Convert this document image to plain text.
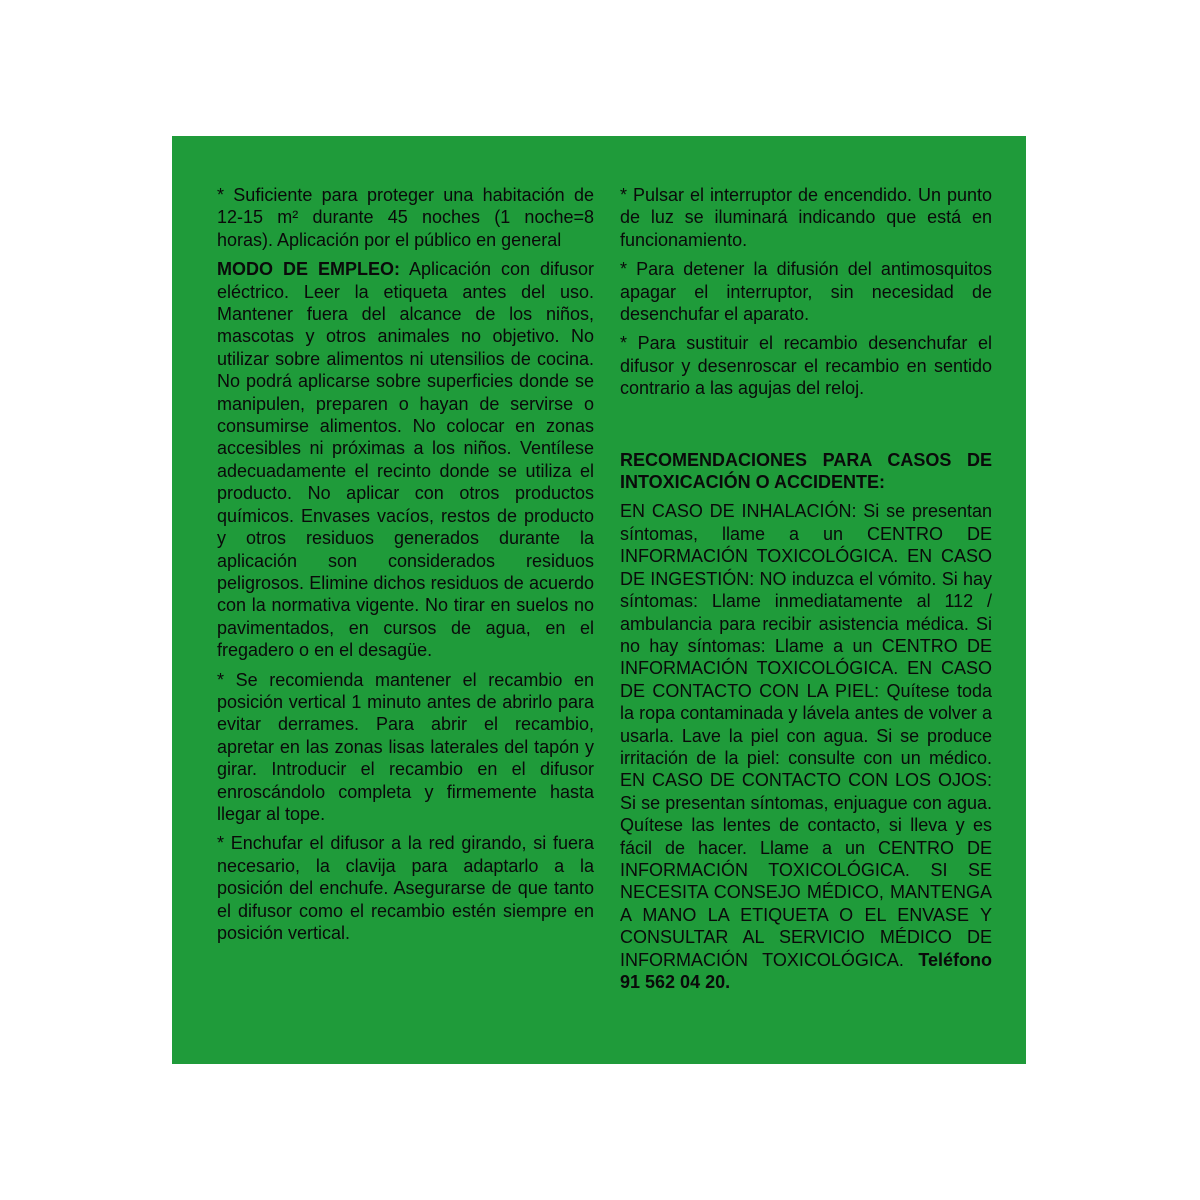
* Suficiente para proteger una habitación de 12-15 m² durante 45 noches (1 noche=8 horas). Aplicación por el público en general

MODO DE EMPLEO: Aplicación con difusor eléctrico. Leer la etiqueta antes del uso. Mantener fuera del alcance de los niños, mascotas y otros animales no objetivo. No utilizar sobre alimentos ni utensilios de cocina. No podrá aplicarse sobre superficies donde se manipulen, preparen o hayan de servirse o consumirse alimentos. No colocar en zonas accesibles ni próximas a los niños. Ventílese adecuadamente el recinto donde se utiliza el producto. No aplicar con otros productos químicos. Envases vacíos, restos de producto y otros residuos generados durante la aplicación son considerados residuos peligrosos. Elimine dichos residuos de acuerdo con la normativa vigente. No tirar en suelos no pavimentados, en cursos de agua, en el fregadero o en el desagüe.

* Se recomienda mantener el recambio en posición vertical 1 minuto antes de abrirlo para evitar derrames. Para abrir el recambio, apretar en las zonas lisas laterales del tapón y girar. Introducir el recambio en el difusor enroscándolo completa y firmemente hasta llegar al tope.

* Enchufar el difusor a la red girando, si fuera necesario, la clavija para adaptarlo a la posición del enchufe. Asegurarse de que tanto el difusor como el recambio estén siempre en posición vertical.

* Pulsar el interruptor de encendido. Un punto de luz se iluminará indicando que está en funcionamiento.

* Para detener la difusión del antimosquitos apagar el interruptor, sin necesidad de desenchufar el aparato.

* Para sustituir el recambio desenchufar el difusor y desenroscar el recambio en sentido contrario a las agujas del reloj.

RECOMENDACIONES PARA CASOS DE INTOXICACIÓN O ACCIDENTE:

EN CASO DE INHALACIÓN: Si se presentan síntomas, llame a un CENTRO DE INFORMACIÓN TOXICOLÓGICA. EN CASO DE INGESTIÓN: NO induzca el vómito. Si hay síntomas: Llame inmediatamente al 112 / ambulancia para recibir asistencia médica. Si no hay síntomas: Llame a un CENTRO DE INFORMACIÓN TOXICOLÓGICA. EN CASO DE CONTACTO CON LA PIEL: Quítese toda la ropa contaminada y lávela antes de volver a usarla. Lave la piel con agua. Si se produce irritación de la piel: consulte con un médico. EN CASO DE CONTACTO CON LOS OJOS: Si se presentan síntomas, enjuague con agua. Quítese las lentes de contacto, si lleva y es fácil de hacer. Llame a un CENTRO DE INFORMACIÓN TOXICOLÓGICA. SI SE NECESITA CONSEJO MÉDICO, MANTENGA A MANO LA ETIQUETA O EL ENVASE Y CONSULTAR AL SERVICIO MÉDICO DE INFORMACIÓN TOXICOLÓGICA. Teléfono 91 562 04 20.
